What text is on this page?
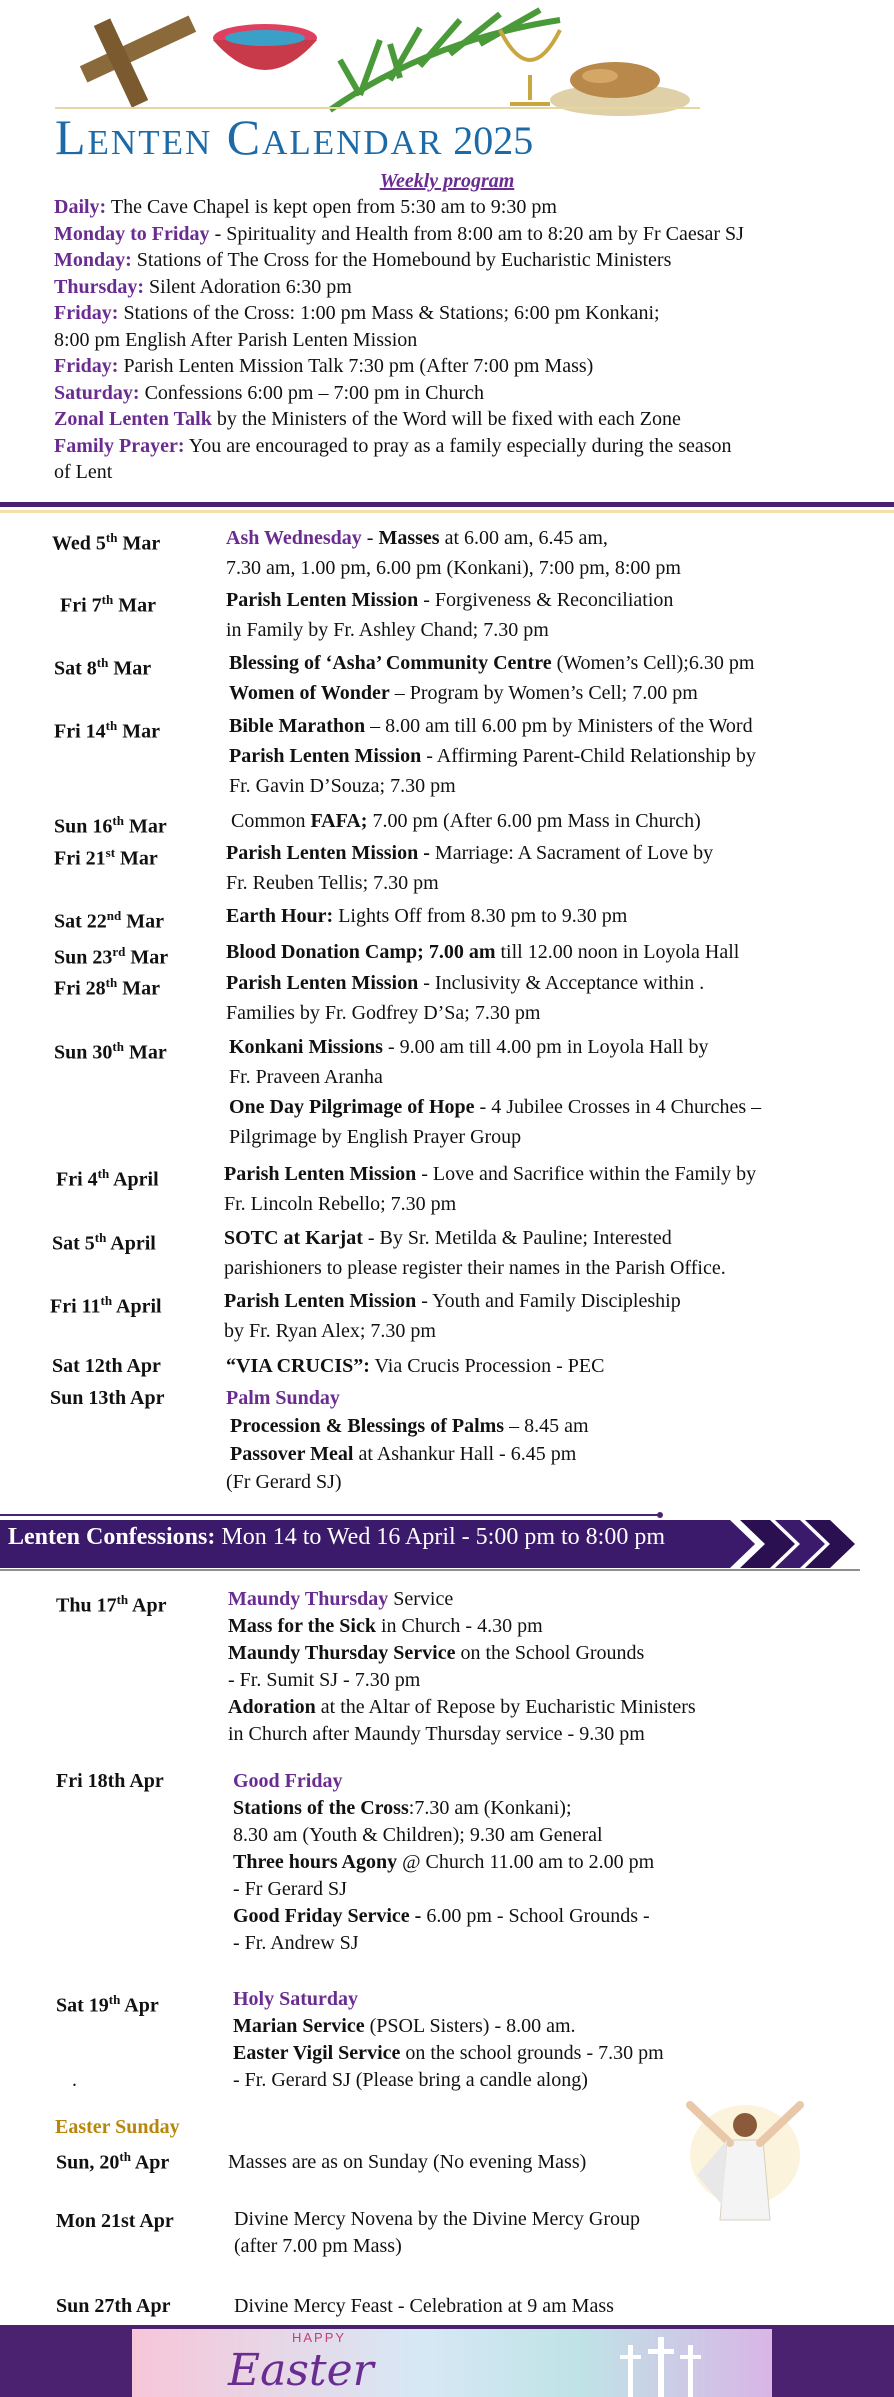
Lenten Calendar 2025
Weekly program
Daily: The Cave Chapel is kept open from 5:30 am to 9:30 pm
Monday to Friday - Spirituality and Health from 8:00 am to 8:20 am by Fr Caesar SJ
Monday: Stations of The Cross for the Homebound by Eucharistic Ministers
Thursday: Silent Adoration 6:30 pm
Friday: Stations of the Cross: 1:00 pm Mass & Stations; 6:00 pm Konkani;
8:00 pm English After Parish Lenten Mission
Friday: Parish Lenten Mission Talk 7:30 pm (After 7:00 pm Mass)
Saturday: Confessions 6:00 pm – 7:00 pm in Church
Zonal Lenten Talk by the Ministers of the Word will be fixed with each Zone
Family Prayer: You are encouraged to pray as a family especially during the season
of Lent
Wed 5th Mar	Ash Wednesday - Masses at 6.00 am, 6.45 am,
7.30 am, 1.00 pm, 6.00 pm (Konkani), 7:00 pm, 8:00 pm
Fri 7th Mar	Parish Lenten Mission - Forgiveness & Reconciliation
in Family by Fr. Ashley Chand; 7.30 pm
Sat 8th Mar	Blessing of ‘Asha’ Community Centre (Women’s Cell);6.30 pm
Women of Wonder – Program by Women’s Cell; 7.00 pm
Fri 14th Mar	Bible Marathon – 8.00 am till 6.00 pm by Ministers of the Word
Parish Lenten Mission - Affirming Parent-Child Relationship by
Fr. Gavin D’Souza; 7.30 pm
Sun 16th Mar	Common FAFA; 7.00 pm (After 6.00 pm Mass in Church)
Fri 21st Mar	Parish Lenten Mission - Marriage: A Sacrament of Love by
Fr. Reuben Tellis; 7.30 pm
Sat 22nd Mar	Earth Hour: Lights Off from 8.30 pm to 9.30 pm
Sun 23rd Mar	Blood Donation Camp; 7.00 am till 12.00 noon in Loyola Hall
Fri 28th Mar	Parish Lenten Mission - Inclusivity & Acceptance within .
Families by Fr. Godfrey D’Sa; 7.30 pm
Sun 30th Mar	Konkani Missions - 9.00 am till 4.00 pm in Loyola Hall by
Fr. Praveen Aranha
One Day Pilgrimage of Hope - 4 Jubilee Crosses in 4 Churches –
Pilgrimage by English Prayer Group
Fri 4th April	Parish Lenten Mission - Love and Sacrifice within the Family by
Fr. Lincoln Rebello; 7.30 pm
Sat 5th April	SOTC at Karjat - By Sr. Metilda & Pauline; Interested
parishioners to please register their names in the Parish Office.
Fri 11th April	Parish Lenten Mission - Youth and Family Discipleship
by Fr. Ryan Alex; 7.30 pm
Sat 12th Apr	“VIA CRUCIS”: Via Crucis Procession - PEC
Sun 13th Apr	Palm Sunday
Procession & Blessings of Palms – 8.45 am
Passover Meal at Ashankur Hall - 6.45 pm
(Fr Gerard SJ)
Lenten Confessions: Mon 14 to Wed 16 April - 5:00 pm to 8:00 pm
Thu 17th Apr	Maundy Thursday Service
Mass for the Sick in Church - 4.30 pm
Maundy Thursday Service on the School Grounds
- Fr. Sumit SJ - 7.30 pm
Adoration at the Altar of Repose by Eucharistic Ministers
in Church after Maundy Thursday service - 9.30 pm
Fri 18th Apr	Good Friday
Stations of the Cross:7.30 am (Konkani);
8.30 am (Youth & Children); 9.30 am General
Three hours Agony @ Church 11.00 am to 2.00 pm
- Fr Gerard SJ
Good Friday Service - 6.00 pm - School Grounds -
- Fr. Andrew SJ
Sat 19th Apr	Holy Saturday
Marian Service (PSOL Sisters) - 8.00 am.
Easter Vigil Service on the school grounds - 7.30 pm
- Fr. Gerard SJ (Please bring a candle along)
.
Easter Sunday
Sun, 20th Apr	Masses are as on Sunday (No evening Mass)
Mon 21st Apr	Divine Mercy Novena by the Divine Mercy Group
(after 7.00 pm Mass)
Sun 27th Apr	Divine Mercy Feast - Celebration at 9 am Mass
HAPPY
Easter
